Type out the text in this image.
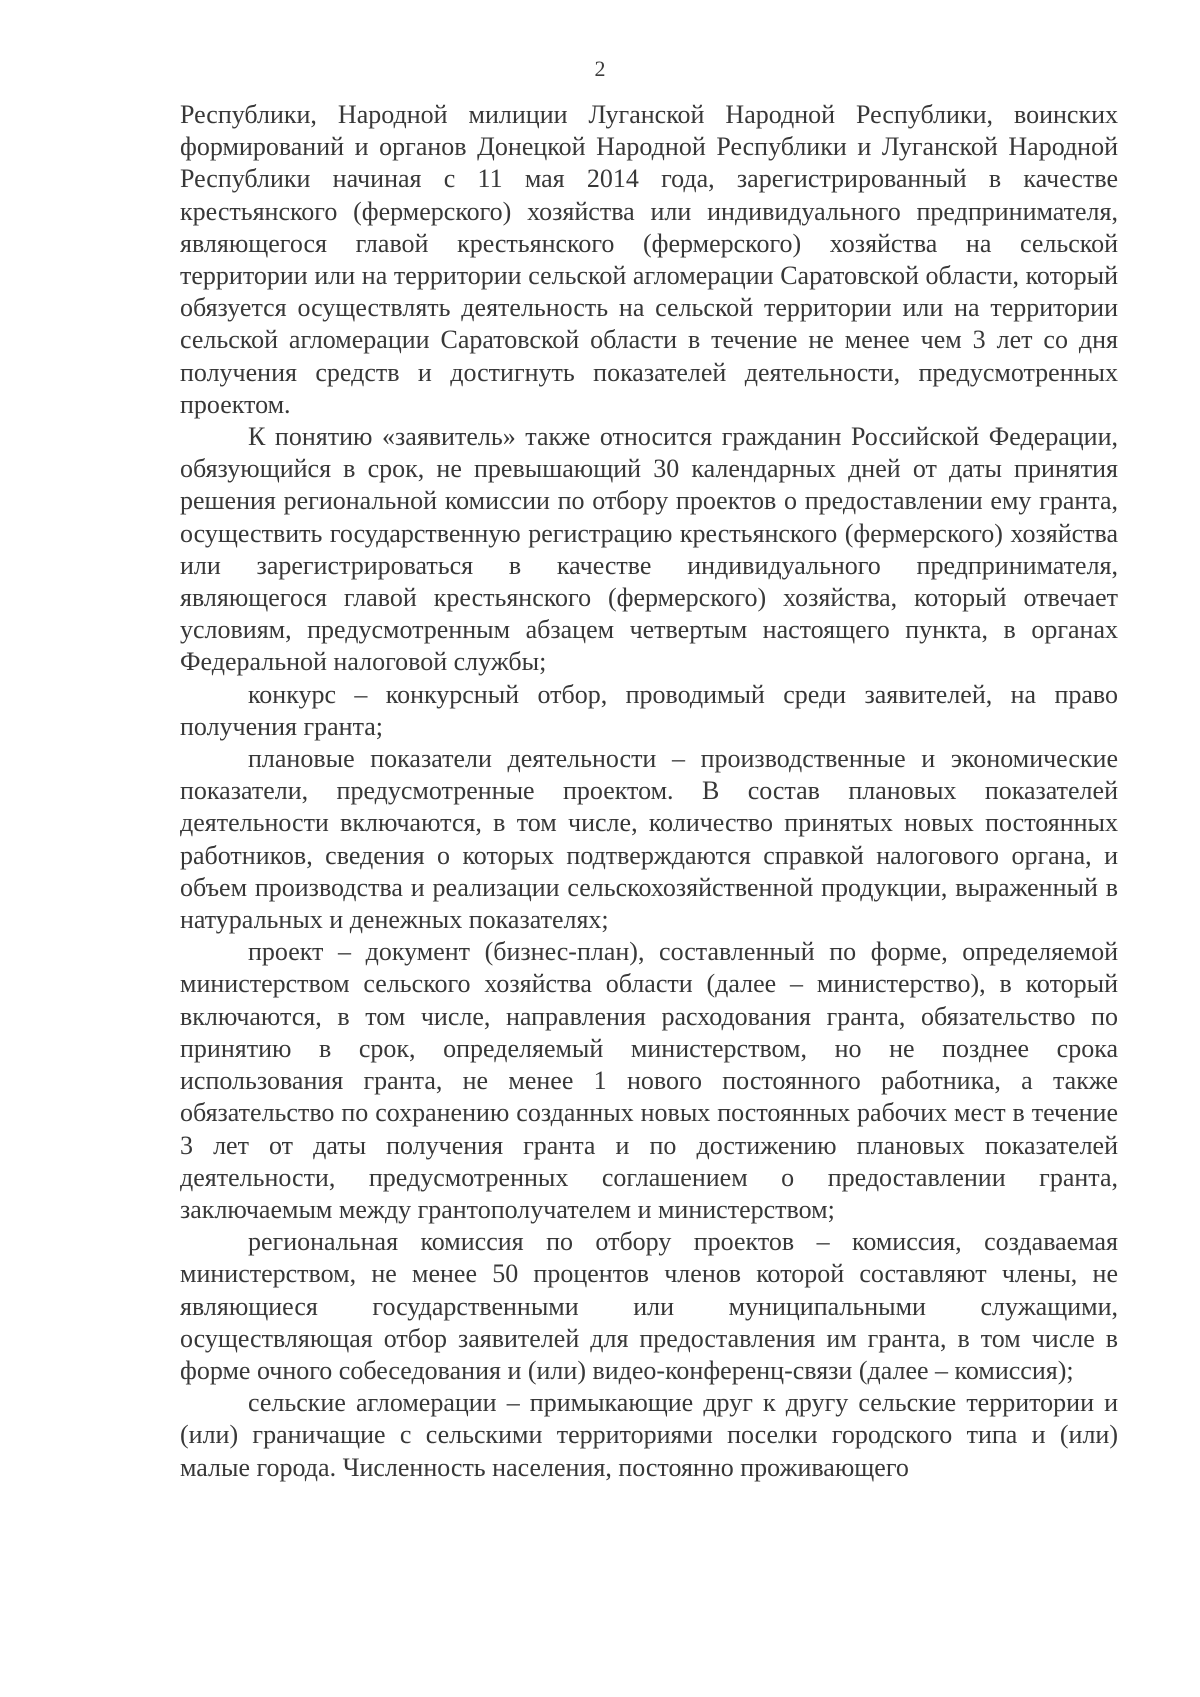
2

Республики, Народной милиции Луганской Народной Республики, воинских формирований и органов Донецкой Народной Республики и Луганской Народной Республики начиная с 11 мая 2014 года, зарегистрированный в качестве крестьянского (фермерского) хозяйства или индивидуального предпринимателя, являющегося главой крестьянского (фермерского) хозяйства на сельской территории или на территории сельской агломерации Саратовской области, который обязуется осуществлять деятельность на сельской территории или на территории сельской агломерации Саратовской области в течение не менее чем 3 лет со дня получения средств и достигнуть показателей деятельности, предусмотренных проектом.

К понятию «заявитель» также относится гражданин Российской Федерации, обязующийся в срок, не превышающий 30 календарных дней от даты принятия решения региональной комиссии по отбору проектов о предоставлении ему гранта, осуществить государственную регистрацию крестьянского (фермерского) хозяйства или зарегистрироваться в качестве индивидуального предпринимателя, являющегося главой крестьянского (фермерского) хозяйства, который отвечает условиям, предусмотренным абзацем четвертым настоящего пункта, в органах Федеральной налоговой службы;

конкурс – конкурсный отбор, проводимый среди заявителей, на право получения гранта;

плановые показатели деятельности – производственные и экономические показатели, предусмотренные проектом. В состав плановых показателей деятельности включаются, в том числе, количество принятых новых постоянных работников, сведения о которых подтверждаются справкой налогового органа, и объем производства и реализации сельскохозяйственной продукции, выраженный в натуральных и денежных показателях;

проект – документ (бизнес-план), составленный по форме, определяемой министерством сельского хозяйства области (далее – министерство), в который включаются, в том числе, направления расходования гранта, обязательство по принятию в срок, определяемый министерством, но не позднее срока использования гранта, не менее 1 нового постоянного работника, а также обязательство по сохранению созданных новых постоянных рабочих мест в течение 3 лет от даты получения гранта и по достижению плановых показателей деятельности, предусмотренных соглашением о предоставлении гранта, заключаемым между грантополучателем и министерством;

региональная комиссия по отбору проектов – комиссия, создаваемая министерством, не менее 50 процентов членов которой составляют члены, не являющиеся государственными или муниципальными служащими, осуществляющая отбор заявителей для предоставления им гранта, в том числе в форме очного собеседования и (или) видео-конференц-связи (далее – комиссия);

сельские агломерации – примыкающие друг к другу сельские территории и (или) граничащие с сельскими территориями поселки городского типа и (или) малые города. Численность населения, постоянно проживающего
